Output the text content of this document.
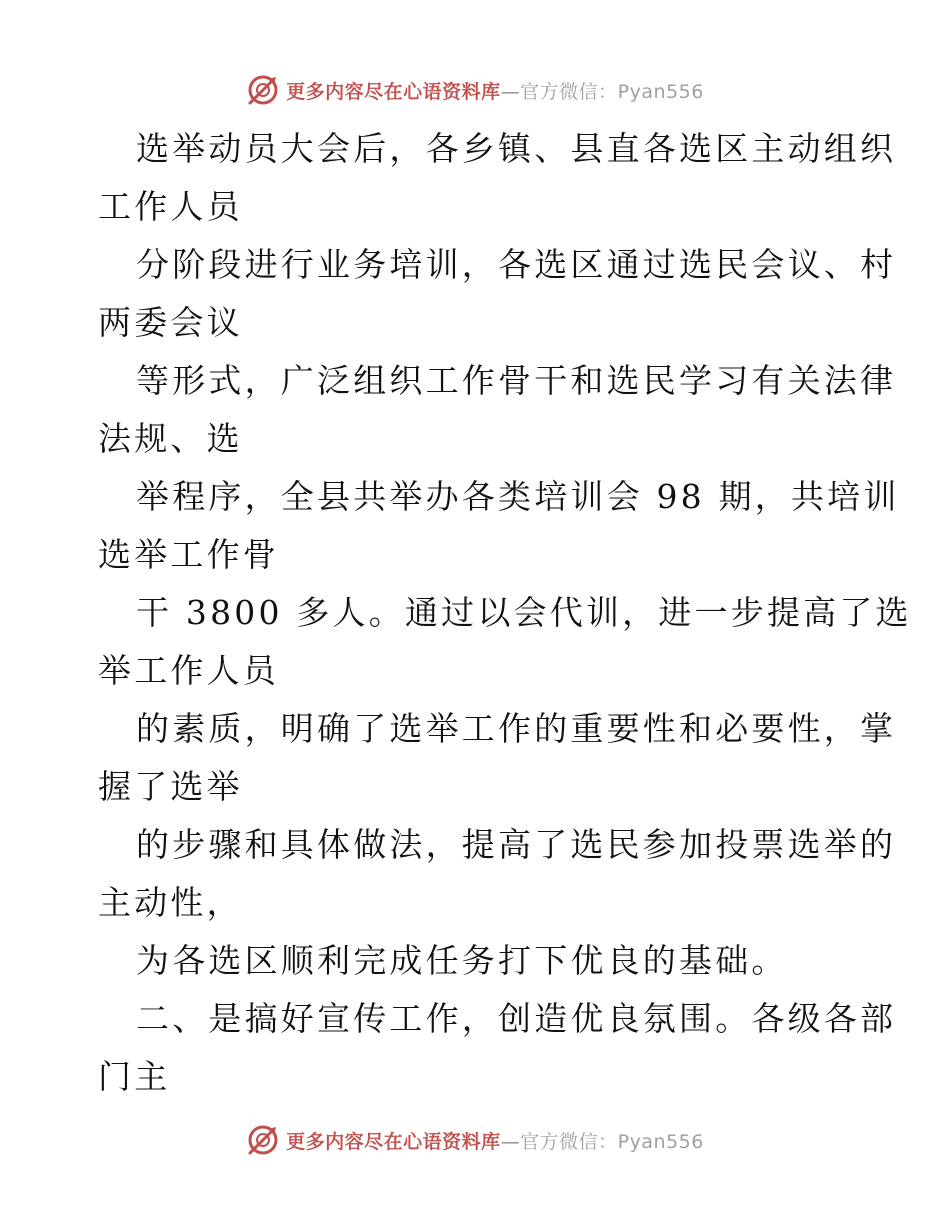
更多内容尽在心语资料库—官方微信：Pyan556
选举动员大会后，各乡镇、县直各选区主动组织
工作人员
分阶段进行业务培训，各选区通过选民会议、村
两委会议
等形式，广泛组织工作骨干和选民学习有关法律
法规、选
举程序，全县共举办各类培训会 98 期，共培训
选举工作骨
干 3800 多人。通过以会代训，进一步提高了选
举工作人员
的素质，明确了选举工作的重要性和必要性，掌
握了选举
的步骤和具体做法，提高了选民参加投票选举的
主动性，
为各选区顺利完成任务打下优良的基础。
二、是搞好宣传工作，创造优良氛围。各级各部
门主
更多内容尽在心语资料库—官方微信：Pyan556
